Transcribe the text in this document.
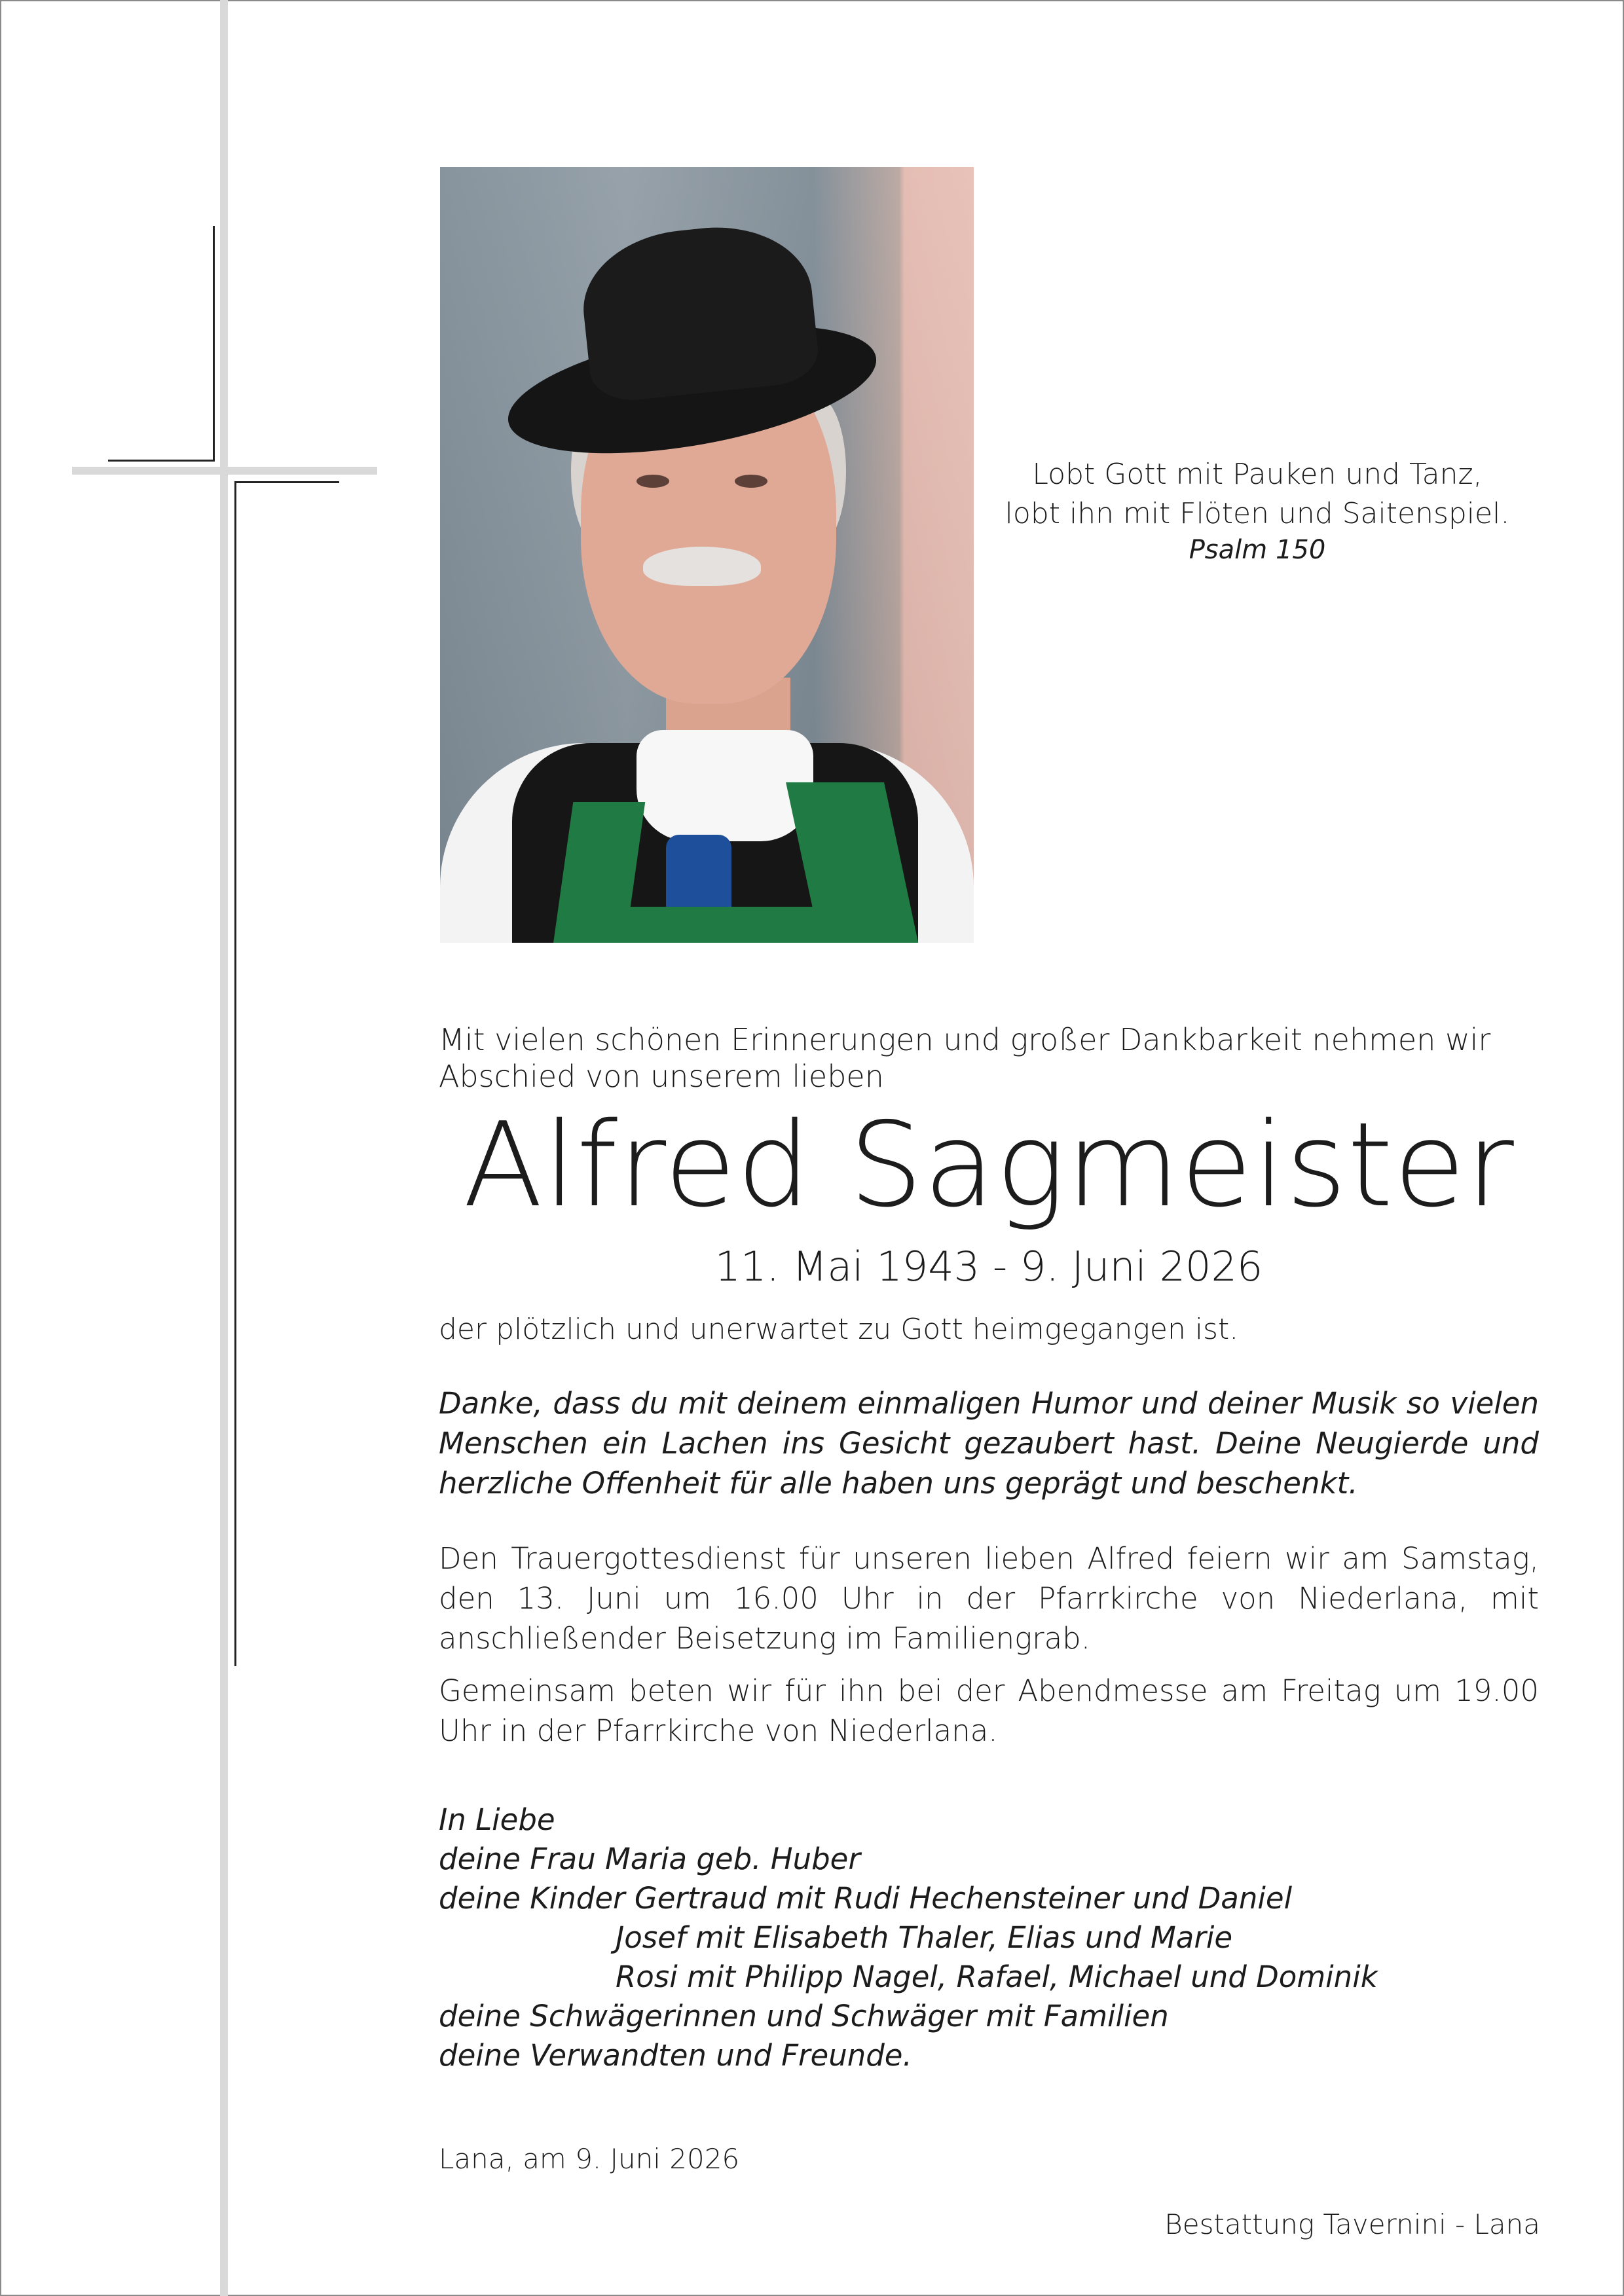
Lobt Gott mit Pauken und Tanz,

lobt ihn mit Flöten und Saitenspiel.

Psalm 150

Mit vielen schönen Erinnerungen und großer Dankbarkeit nehmen wir Abschied von unserem lieben
Alfred Sagmeister
11. Mai 1943 - 9. Juni 2026
der plötzlich und unerwartet zu Gott heimgegangen ist.
Danke, dass du mit deinem einmaligen Humor und deiner Musik so vielen Menschen ein Lachen ins Gesicht gezaubert hast. Deine Neugierde und herzliche Offenheit für alle haben uns geprägt und beschenkt.
Den Trauergottesdienst für unseren lieben Alfred feiern wir am Samstag, den 13. Juni um 16.00 Uhr in der Pfarrkirche von Niederlana, mit anschließender Beisetzung im Familiengrab.
Gemeinsam beten wir für ihn bei der Abendmesse am Freitag um 19.00 Uhr in der Pfarrkirche von Niederlana.
In Liebe
deine Frau Maria geb. Huber
deine Kinder Gertraud mit Rudi Hechensteiner und Daniel
Josef mit Elisabeth Thaler, Elias und Marie
Rosi mit Philipp Nagel, Rafael, Michael und Dominik
deine Schwägerinnen und Schwäger mit Familien
deine Verwandten und Freunde.
Lana, am 9. Juni 2026
Bestattung Tavernini - Lana
